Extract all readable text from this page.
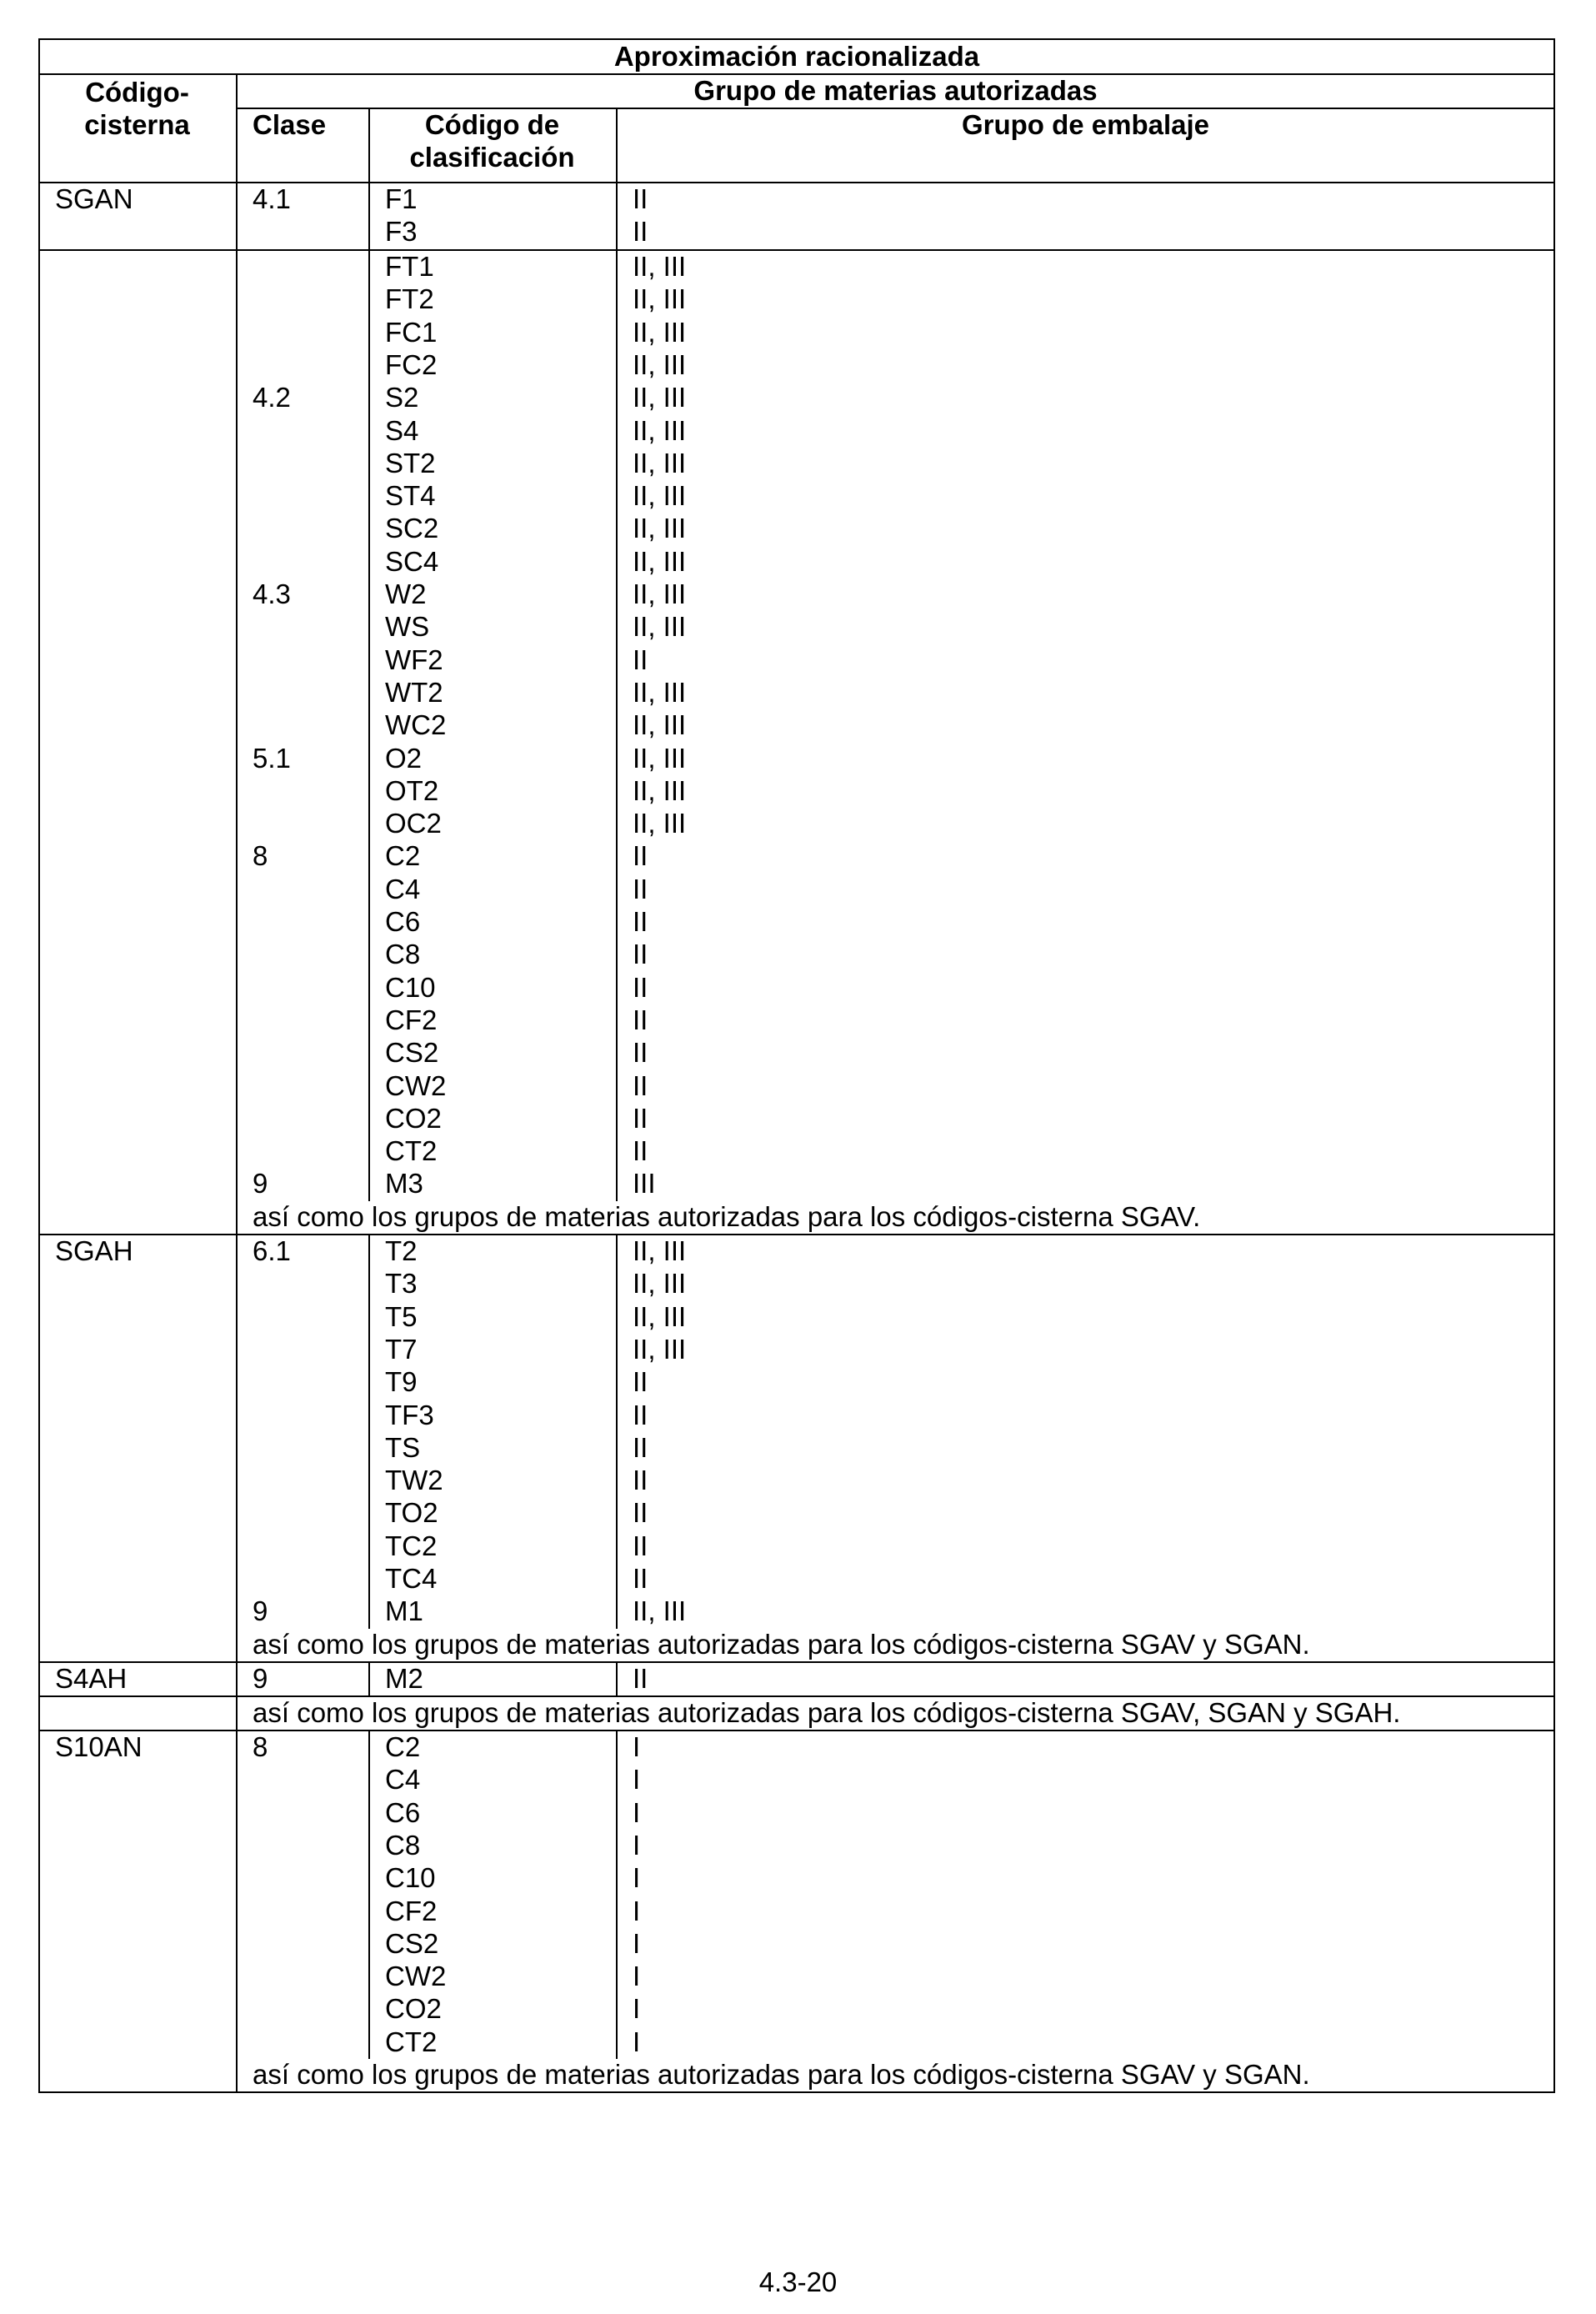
Aproximación racionalizada
Código-
cisterna
Grupo de materias autorizadas
Clase	Código de
clasificación
Grupo de embalaje
SGAN	4.1	F1	II
F3	II
FT1	II, III
FT2	II, III
FC1	II, III
FC2	II, III
4.2	S2	II, III
S4	II, III
ST2	II, III
ST4	II, III
SC2	II, III
SC4	II, III
4.3	W2	II, III
WS	II, III
WF2	II
WT2	II, III
WC2	II, III
5.1	O2	II, III
OT2	II, III
OC2	II, III
8	C2	II
C4	II
C6	II
C8	II
C10	II
CF2	II
CS2	II
CW2	II
CO2	II
CT2	II
9	M3	III
así como los grupos de materias autorizadas para los códigos-cisterna SGAV.
SGAH	6.1	T2	II, III
T3	II, III
T5	II, III
T7	II, III
T9	II
TF3	II
TS	II
TW2	II
TO2	II
TC2	II
TC4	II
9	M1	II, III
así como los grupos de materias autorizadas para los códigos-cisterna SGAV y SGAN.
S4AH	9	M2	II
así como los grupos de materias autorizadas para los códigos-cisterna SGAV, SGAN y SGAH.
S10AN	8	C2	I
C4	I
C6	I
C8	I
C10	I
CF2	I
CS2	I
CW2	I
CO2	I
CT2	I
así como los grupos de materias autorizadas para los códigos-cisterna SGAV y SGAN.
4.3-20
